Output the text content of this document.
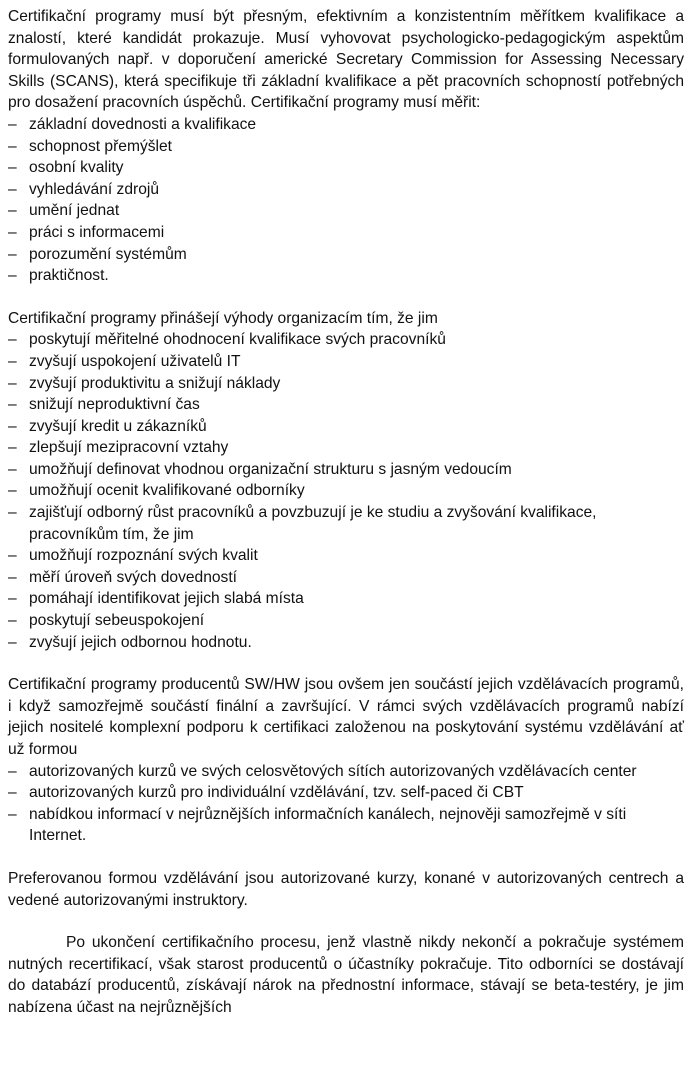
Certifikační programy musí být přesným, efektivním a konzistentním měřítkem kvalifikace a znalostí, které kandidát prokazuje. Musí vyhovovat psychologicko-pedagogickým aspektům formulovaných např. v doporučení americké Secretary Commission for Assessing Necessary Skills (SCANS), která specifikuje tři základní kvalifikace a pět pracovních schopností potřebných pro dosažení pracovních úspěchů. Certifikační programy musí měřit:

– základní dovednosti a kvalifikace
– schopnost přemýšlet
– osobní kvality
– vyhledávání zdrojů
– umění jednat
– práci s informacemi
– porozumění systémům
– praktičnost.

Certifikační programy přinášejí výhody organizacím tím, že jim

– poskytují měřitelné ohodnocení kvalifikace svých pracovníků
– zvyšují uspokojení uživatelů IT
– zvyšují produktivitu a snižují náklady
– snižují neproduktivní čas
– zvyšují kredit u zákazníků
– zlepšují mezipracovní vztahy
– umožňují definovat vhodnou organizační strukturu s jasným vedoucím
– umožňují ocenit kvalifikované odborníky
– zajišťují odborný růst pracovníků a povzbuzují je ke studiu a zvyšování kvalifikace, pracovníkům tím, že jim
– umožňují rozpoznání svých kvalit
– měří úroveň svých dovedností
– pomáhají identifikovat jejich slabá místa
– poskytují sebeuspokojení
– zvyšují jejich odbornou hodnotu.

Certifikační programy producentů SW/HW jsou ovšem jen součástí jejich vzdělávacích programů, i když samozřejmě součástí finální a završující. V rámci svých vzdělávacích programů nabízí jejich nositelé komplexní podporu k certifikaci založenou na poskytování systému vzdělávání ať už formou

– autorizovaných kurzů ve svých celosvětových sítích autorizovaných vzdělávacích center
– autorizovaných kurzů pro individuální vzdělávání, tzv. self-paced či CBT
– nabídkou informací v nejrůznějších informačních kanálech, nejnověji samozřejmě v síti Internet.

Preferovanou formou vzdělávání jsou autorizované kurzy, konané v autorizovaných centrech a vedené autorizovanými instruktory.

Po ukončení certifikačního procesu, jenž vlastně nikdy nekončí a pokračuje systémem nutných recertifikací, však starost producentů o účastníky pokračuje. Tito odborníci se dostávají do databází producentů, získávají nárok na přednostní informace, stávají se beta-testéry, je jim nabízena účast na nejrůznějších
